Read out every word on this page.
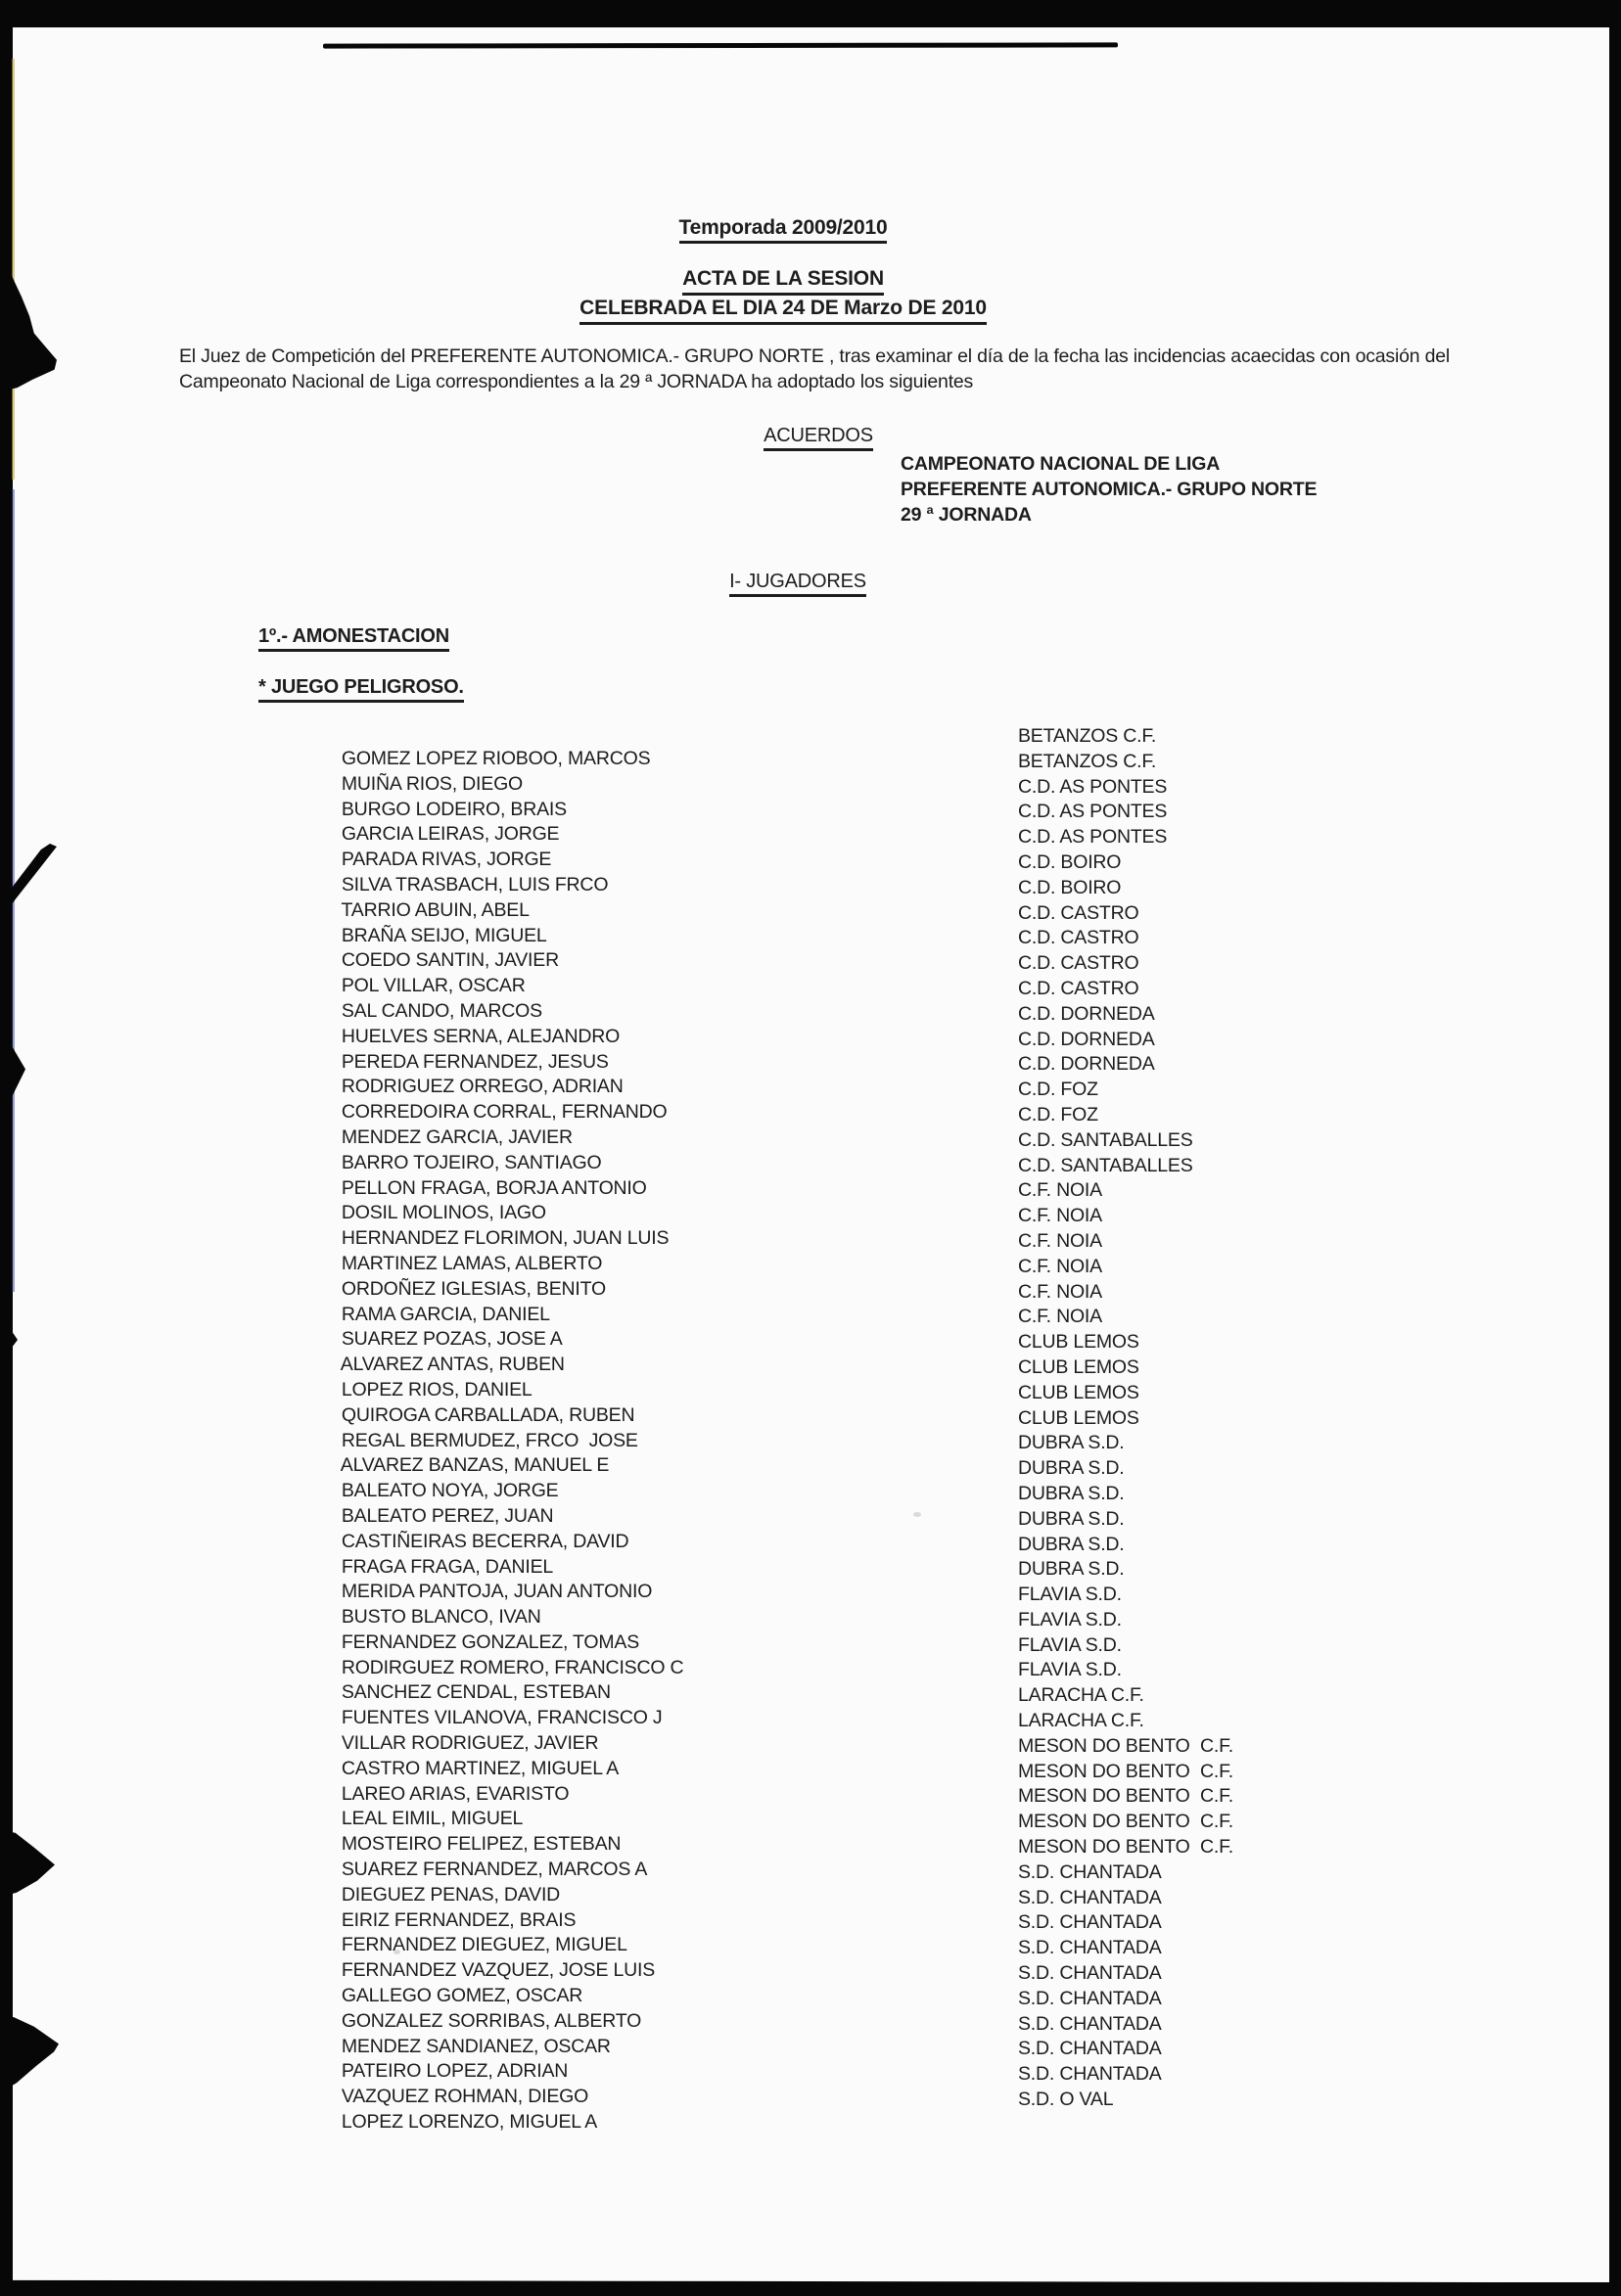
Temporada 2009/2010
ACTA DE LA SESION
CELEBRADA EL DIA 24 DE Marzo DE 2010
El Juez de Competición del PREFERENTE AUTONOMICA.- GRUPO NORTE , tras examinar el día de la fecha las incidencias acaecidas con ocasión del Campeonato Nacional de Liga correspondientes a la 29 ª JORNADA ha adoptado los siguientes
ACUERDOS
CAMPEONATO NACIONAL DE LIGA
PREFERENTE AUTONOMICA.- GRUPO NORTE
29 ª JORNADA
I- JUGADORES
1º.- AMONESTACION
* JUEGO PELIGROSO.

GOMEZ LOPEZ RIOBOO, MARCOS

BETANZOS C.F.

MUIÑA RIOS, DIEGO

BETANZOS C.F.

BURGO LODEIRO, BRAIS

C.D. AS PONTES

GARCIA LEIRAS, JORGE

C.D. AS PONTES

PARADA RIVAS, JORGE

C.D. AS PONTES

SILVA TRASBACH, LUIS FRCO

C.D. BOIRO

TARRIO ABUIN, ABEL

C.D. BOIRO

BRAÑA SEIJO, MIGUEL

C.D. CASTRO

COEDO SANTIN, JAVIER

C.D. CASTRO

POL VILLAR, OSCAR

C.D. CASTRO

SAL CANDO, MARCOS

C.D. CASTRO

HUELVES SERNA, ALEJANDRO

C.D. DORNEDA

PEREDA FERNANDEZ, JESUS

C.D. DORNEDA

RODRIGUEZ ORREGO, ADRIAN

C.D. DORNEDA

CORREDOIRA CORRAL, FERNANDO

C.D. FOZ

MENDEZ GARCIA, JAVIER

C.D. FOZ

BARRO TOJEIRO, SANTIAGO

C.D. SANTABALLES

PELLON FRAGA, BORJA ANTONIO

C.D. SANTABALLES

DOSIL MOLINOS, IAGO

C.F. NOIA

HERNANDEZ FLORIMON, JUAN LUIS

C.F. NOIA

MARTINEZ LAMAS, ALBERTO

C.F. NOIA

ORDOÑEZ IGLESIAS, BENITO

C.F. NOIA

RAMA GARCIA, DANIEL

C.F. NOIA

SUAREZ POZAS, JOSE A

C.F. NOIA

ALVAREZ ANTAS, RUBEN

CLUB LEMOS

LOPEZ RIOS, DANIEL

CLUB LEMOS

QUIROGA CARBALLADA, RUBEN

CLUB LEMOS

REGAL BERMUDEZ, FRCO  JOSE

CLUB LEMOS

ALVAREZ BANZAS, MANUEL E

DUBRA S.D.

BALEATO NOYA, JORGE

DUBRA S.D.

BALEATO PEREZ, JUAN

DUBRA S.D.

CASTIÑEIRAS BECERRA, DAVID

DUBRA S.D.

FRAGA FRAGA, DANIEL

DUBRA S.D.

MERIDA PANTOJA, JUAN ANTONIO

DUBRA S.D.

BUSTO BLANCO, IVAN

FLAVIA S.D.

FERNANDEZ GONZALEZ, TOMAS

FLAVIA S.D.

RODIRGUEZ ROMERO, FRANCISCO C

FLAVIA S.D.

SANCHEZ CENDAL, ESTEBAN

FLAVIA S.D.

FUENTES VILANOVA, FRANCISCO J

LARACHA C.F.

VILLAR RODRIGUEZ, JAVIER

LARACHA C.F.

CASTRO MARTINEZ, MIGUEL A

MESON DO BENTO  C.F.

LAREO ARIAS, EVARISTO

MESON DO BENTO  C.F.

LEAL EIMIL, MIGUEL

MESON DO BENTO  C.F.

MOSTEIRO FELIPEZ, ESTEBAN

MESON DO BENTO  C.F.

SUAREZ FERNANDEZ, MARCOS A

MESON DO BENTO  C.F.

DIEGUEZ PENAS, DAVID

S.D. CHANTADA

EIRIZ FERNANDEZ, BRAIS

S.D. CHANTADA

FERNANDEZ DIEGUEZ, MIGUEL

S.D. CHANTADA

FERNANDEZ VAZQUEZ, JOSE LUIS

S.D. CHANTADA

GALLEGO GOMEZ, OSCAR

S.D. CHANTADA

GONZALEZ SORRIBAS, ALBERTO

S.D. CHANTADA

MENDEZ SANDIANEZ, OSCAR

S.D. CHANTADA

PATEIRO LOPEZ, ADRIAN

S.D. CHANTADA

VAZQUEZ ROHMAN, DIEGO

S.D. CHANTADA

LOPEZ LORENZO, MIGUEL A

S.D. O VAL
